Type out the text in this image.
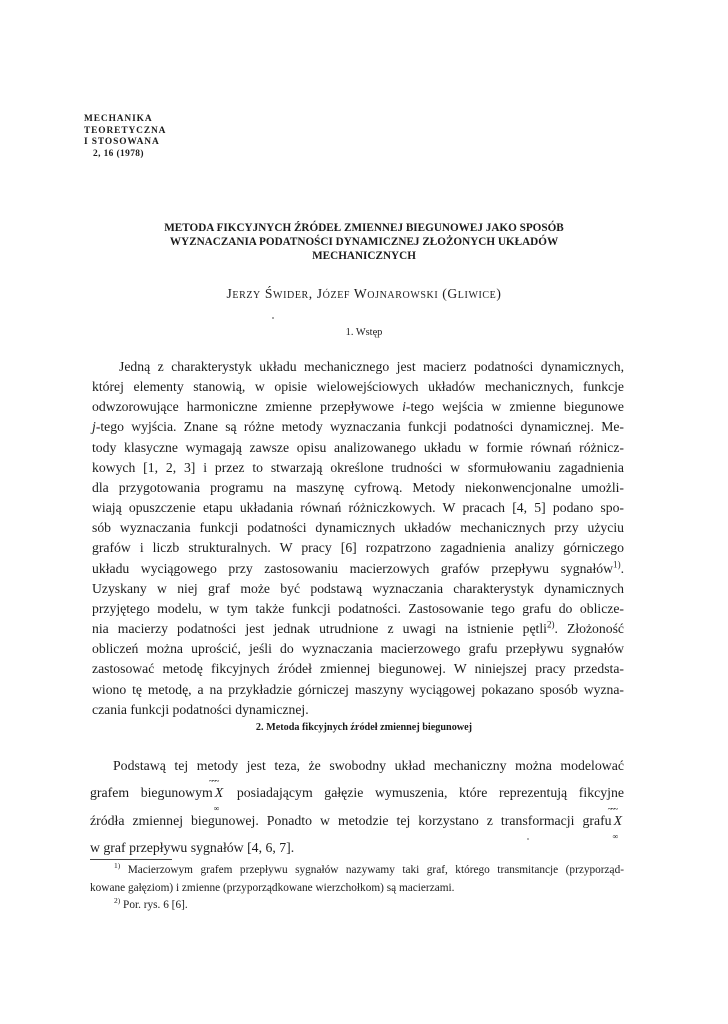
MECHANIKA
TEORETYCZNA
I STOSOWANA
2, 16 (1978)
METODA FIKCYJNYCH ŹRÓDEŁ ZMIENNEJ BIEGUNOWEJ JAKO SPOSÓB
WYZNACZANIA PODATNOŚCI DYNAMICZNEJ ZŁOŻONYCH UKŁADÓW
MECHANICZNYCH
Jerzy Świder, Józef Wojnarowski (Gliwice)
1. Wstęp
Jedną z charakterystyk układu mechanicznego jest macierz podatności dynamicznych,
której elementy stanowią, w opisie wielowejściowych układów mechanicznych, funkcje
odwzorowujące harmoniczne zmienne przepływowe i-tego wejścia w zmienne biegunowe
j-tego wyjścia. Znane są różne metody wyznaczania funkcji podatności dynamicznej. Me-
tody klasyczne wymagają zawsze opisu analizowanego układu w formie równań różnicz-
kowych [1, 2, 3] i przez to stwarzają określone trudności w sformułowaniu zagadnienia
dla przygotowania programu na maszynę cyfrową. Metody niekonwencjonalne umożli-
wiają opuszczenie etapu układania równań różniczkowych. W pracach [4, 5] podano spo-
sób wyznaczania funkcji podatności dynamicznych układów mechanicznych przy użyciu
grafów i liczb strukturalnych. W pracy [6] rozpatrzono zagadnienia analizy górniczego
układu wyciągowego przy zastosowaniu macierzowych grafów przepływu sygnałów$^{1)}$.
Uzyskany w niej graf może być podstawą wyznaczania charakterystyk dynamicznych
przyjętego modelu, w tym także funkcji podatności. Zastosowanie tego grafu do oblicze-
nia macierzy podatności jest jednak utrudnione z uwagi na istnienie pętli$^{2)}$. Złożoność
obliczeń można uprościć, jeśli do wyznaczania macierzowego grafu przepływu sygnałów
zastosować metodę fikcyjnych źródeł zmiennej biegunowej. W niniejszej pracy przedsta-
wiono tę metodę, a na przykładzie górniczej maszyny wyciągowej pokazano sposób wyzna-
czania funkcji podatności dynamicznej.
2. Metoda fikcyjnych źródeł zmiennej biegunowej
Podstawą tej metody jest teza, że swobodny układ mechaniczny można modelować
grafem biegunowym
~~~
X
∞
posiadającym gałęzie wymuszenia, które reprezentują fikcyjne
źródła zmiennej biegunowej. Ponadto w metodzie tej korzystano z transformacji grafu
~~~
X
∞
w graf przepływu sygnałów [4, 6, 7].
$^{1)}$ Macierzowym grafem przepływu sygnałów nazywamy taki graf, którego transmitancje (przyporząd-
kowane gałęziom) i zmienne (przyporządkowane wierzchołkom) są macierzami.
$^{2)}$ Por. rys. 6 [6].
